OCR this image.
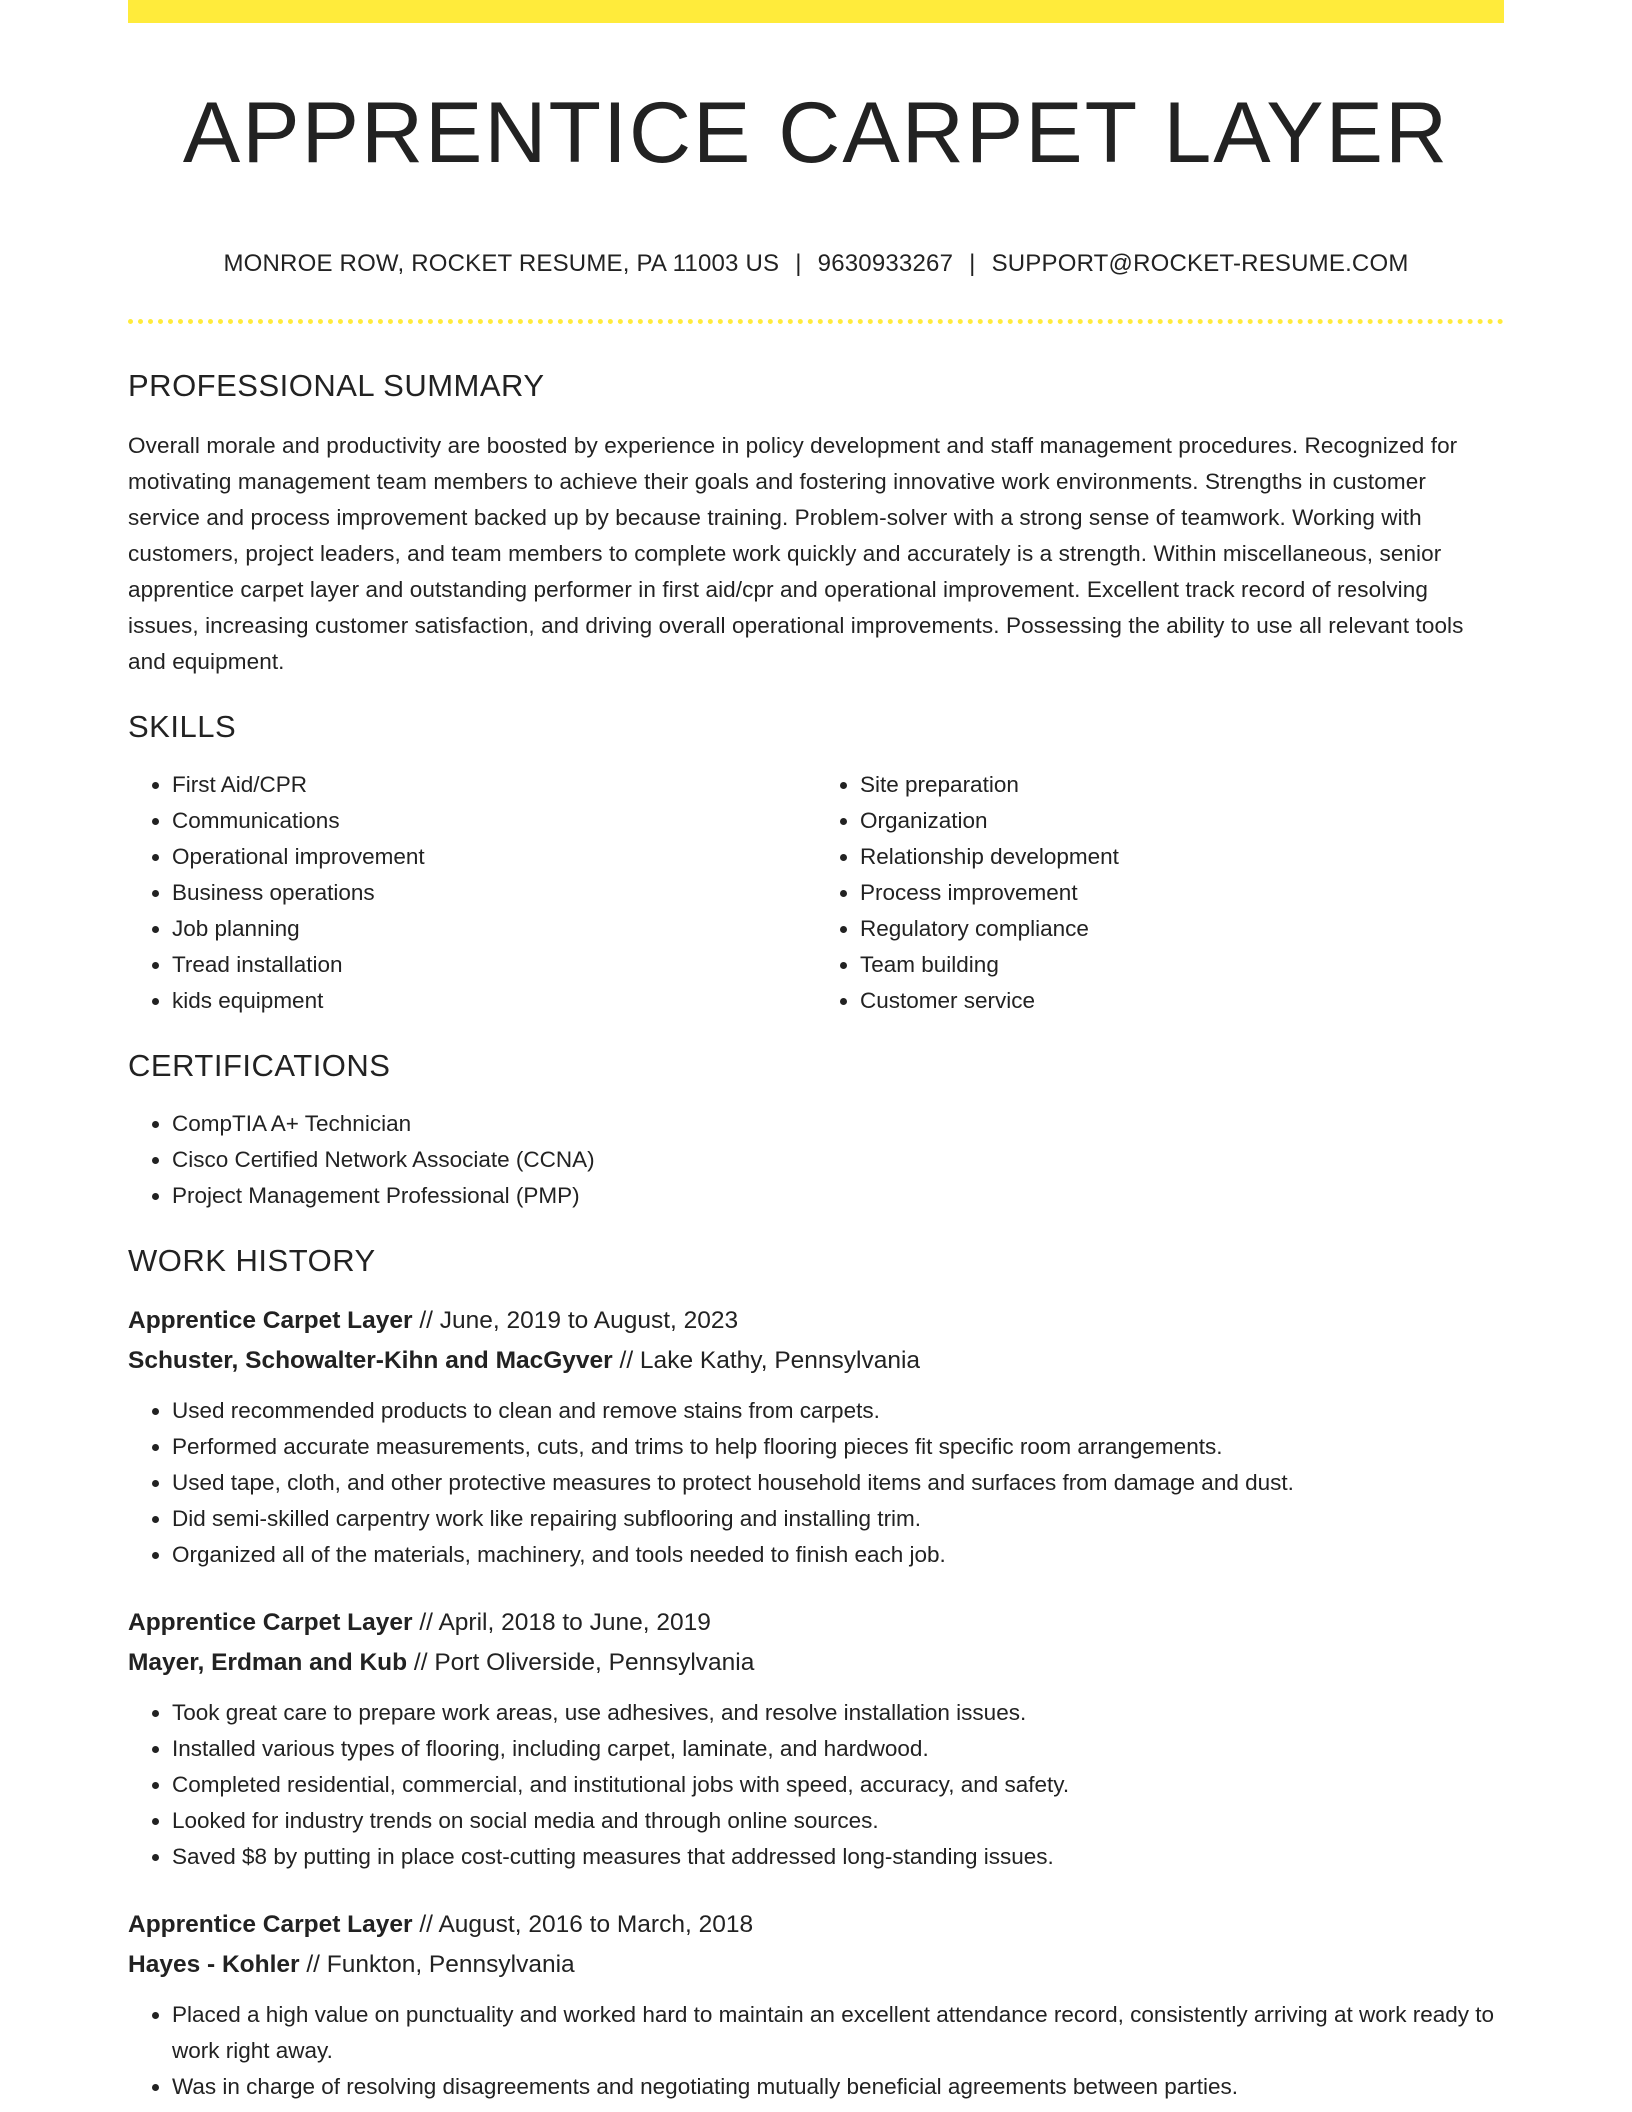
APPRENTICE CARPET LAYER
MONROE ROW, ROCKET RESUME, PA 11003 US | 9630933267 | SUPPORT@ROCKET-RESUME.COM
PROFESSIONAL SUMMARY

Overall morale and productivity are boosted by experience in policy development and staff management procedures. Recognized for motivating management team members to achieve their goals and fostering innovative work environments. Strengths in customer service and process improvement backed up by because training. Problem-solver with a strong sense of teamwork. Working with customers, project leaders, and team members to complete work quickly and accurately is a strength. Within miscellaneous, senior apprentice carpet layer and outstanding performer in first aid/cpr and operational improvement. Excellent track record of resolving issues, increasing customer satisfaction, and driving overall operational improvements. Possessing the ability to use all relevant tools and equipment.

SKILLS
• First Aid/CPR
• Communications
• Operational improvement
• Business operations
• Job planning
• Tread installation
• kids equipment
• Site preparation
• Organization
• Relationship development
• Process improvement
• Regulatory compliance
• Team building
• Customer service
CERTIFICATIONS
• CompTIA A+ Technician
• Cisco Certified Network Associate (CCNA)
• Project Management Professional (PMP)
WORK HISTORY
Apprentice Carpet Layer // June, 2019 to August, 2023
Schuster, Schowalter-Kihn and MacGyver // Lake Kathy, Pennsylvania
• Used recommended products to clean and remove stains from carpets.
• Performed accurate measurements, cuts, and trims to help flooring pieces fit specific room arrangements.
• Used tape, cloth, and other protective measures to protect household items and surfaces from damage and dust.
• Did semi-skilled carpentry work like repairing subflooring and installing trim.
• Organized all of the materials, machinery, and tools needed to finish each job.
Apprentice Carpet Layer // April, 2018 to June, 2019
Mayer, Erdman and Kub // Port Oliverside, Pennsylvania
• Took great care to prepare work areas, use adhesives, and resolve installation issues.
• Installed various types of flooring, including carpet, laminate, and hardwood.
• Completed residential, commercial, and institutional jobs with speed, accuracy, and safety.
• Looked for industry trends on social media and through online sources.
• Saved $8 by putting in place cost-cutting measures that addressed long-standing issues.
Apprentice Carpet Layer // August, 2016 to March, 2018
Hayes - Kohler // Funkton, Pennsylvania
• Placed a high value on punctuality and worked hard to maintain an excellent attendance record, consistently arriving at work ready to work right away.
• Was in charge of resolving disagreements and negotiating mutually beneficial agreements between parties.
